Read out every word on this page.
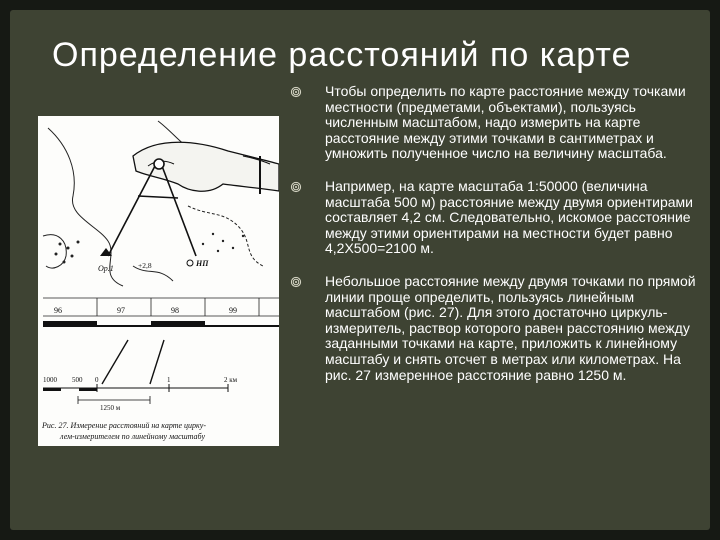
Определение расстояний по карте
Ор.1	+2,8	НП
96	97	98	99
1000 500 0	1	2 км
1250 м
Рис. 27. Измерение расстояний на карте цирку-
лем-измерителем по линейному масштабу
Чтобы определить по карте расстояние между точками местности (предметами, объектами), пользуясь численным масштабом, надо измерить на карте расстояние между этими точками в сантиметрах и умножить полученное число на величину масштаба.
Например, на карте масштаба 1:50000 (величина масштаба 500 м) расстояние между двумя ориентирами составляет 4,2 см. Следовательно, искомое расстояние между этими ориентирами на местности будет равно 4,2Х500=2100 м.
Небольшое расстояние между двумя точками по прямой линии проще определить, пользуясь линейным масштабом (рис. 27). Для этого достаточно циркуль-измеритель, раствор которого равен расстоянию между заданными точками на карте, приложить к линейному масштабу и снять отсчет в метрах или километрах. На рис. 27 измеренное расстояние равно 1250 м.
